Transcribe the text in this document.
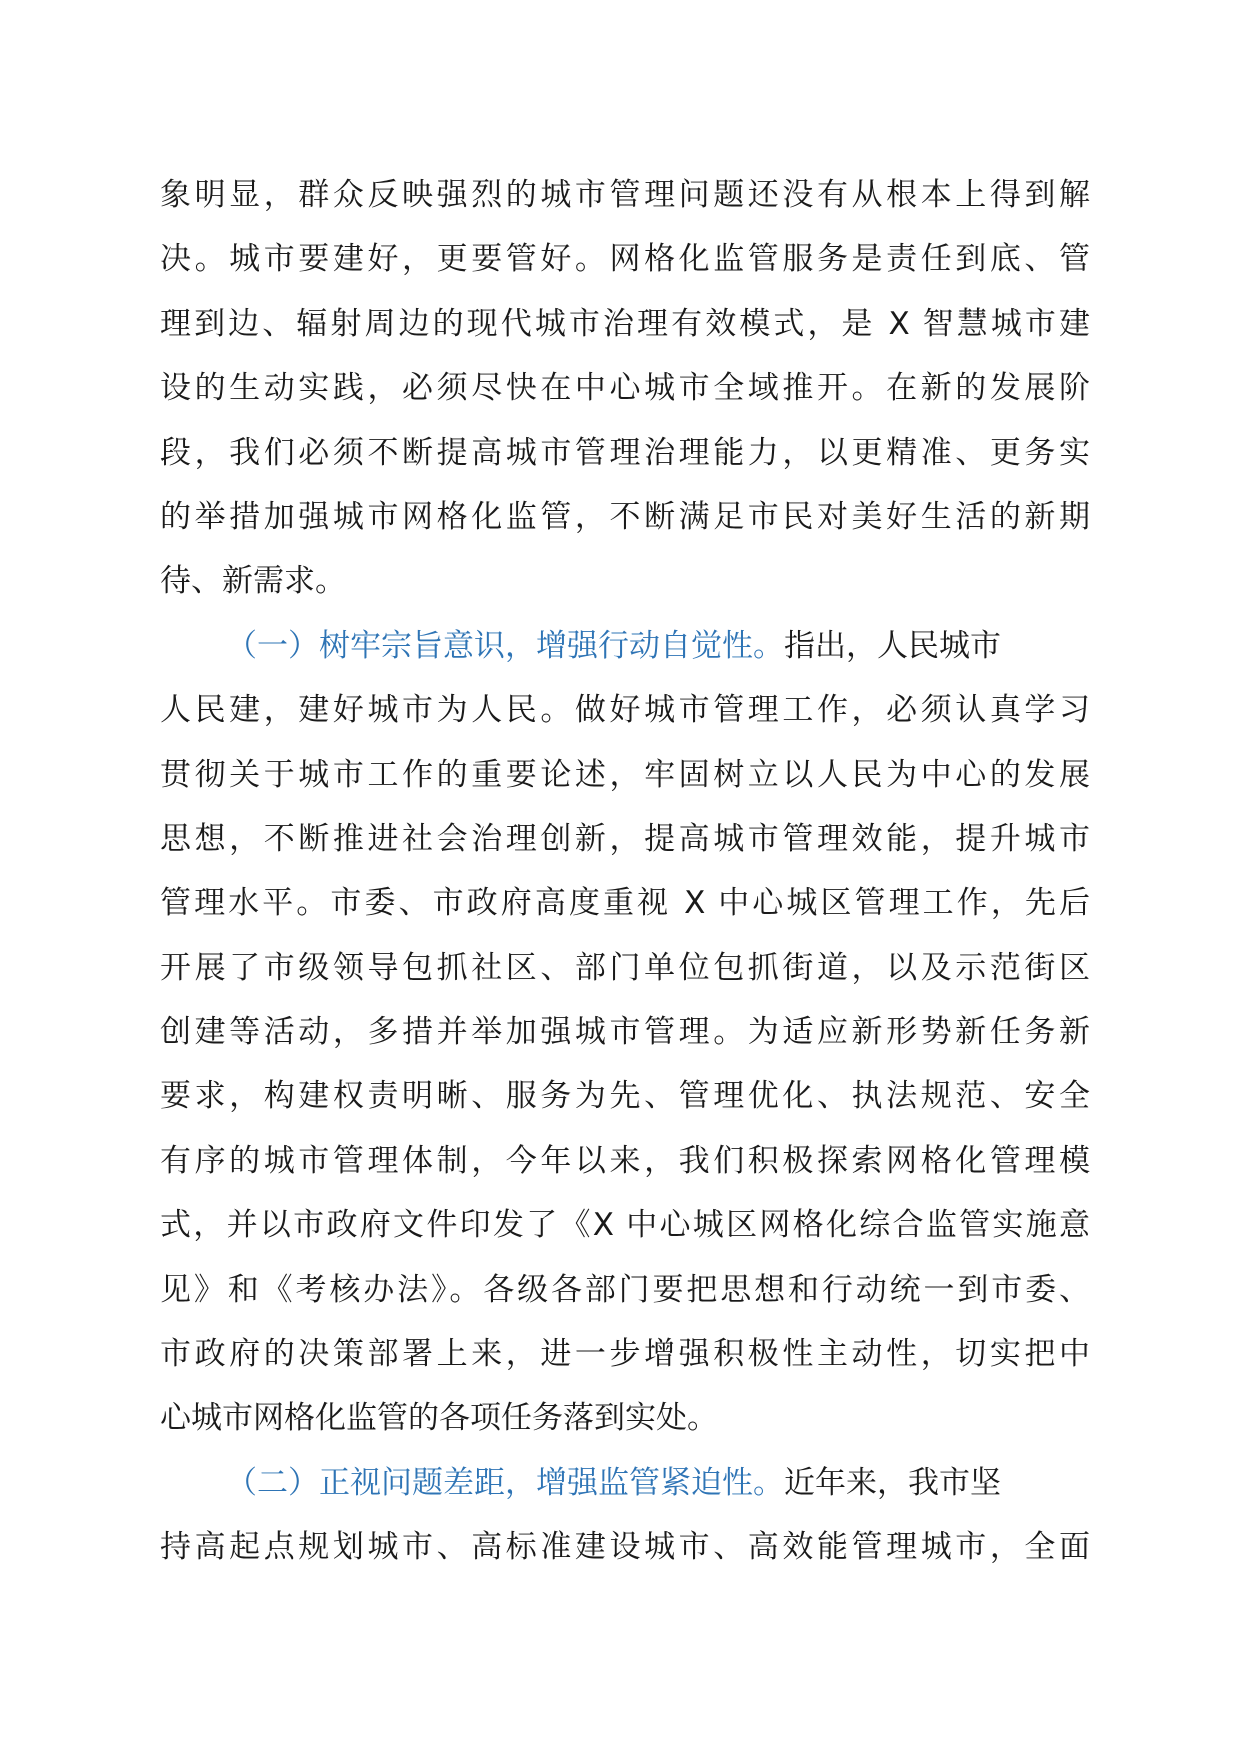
象明显，群众反映强烈的城市管理问题还没有从根本上得到解
决。城市要建好，更要管好。网格化监管服务是责任到底、管
理到边、辐射周边的现代城市治理有效模式，是 X 智慧城市建
设的生动实践，必须尽快在中心城市全域推开。在新的发展阶
段，我们必须不断提高城市管理治理能力，以更精准、更务实
的举措加强城市网格化监管，不断满足市民对美好生活的新期
待、新需求。
（一）树牢宗旨意识，增强行动自觉性。指出，人民城市
人民建，建好城市为人民。做好城市管理工作，必须认真学习
贯彻关于城市工作的重要论述，牢固树立以人民为中心的发展
思想，不断推进社会治理创新，提高城市管理效能，提升城市
管理水平。市委、市政府高度重视 X 中心城区管理工作，先后
开展了市级领导包抓社区、部门单位包抓街道，以及示范街区
创建等活动，多措并举加强城市管理。为适应新形势新任务新
要求，构建权责明晰、服务为先、管理优化、执法规范、安全
有序的城市管理体制，今年以来，我们积极探索网格化管理模
式，并以市政府文件印发了《X 中心城区网格化综合监管实施意
见》和《考核办法》。各级各部门要把思想和行动统一到市委、
市政府的决策部署上来，进一步增强积极性主动性，切实把中
心城市网格化监管的各项任务落到实处。
（二）正视问题差距，增强监管紧迫性。近年来，我市坚
持高起点规划城市、高标准建设城市、高效能管理城市，全面
